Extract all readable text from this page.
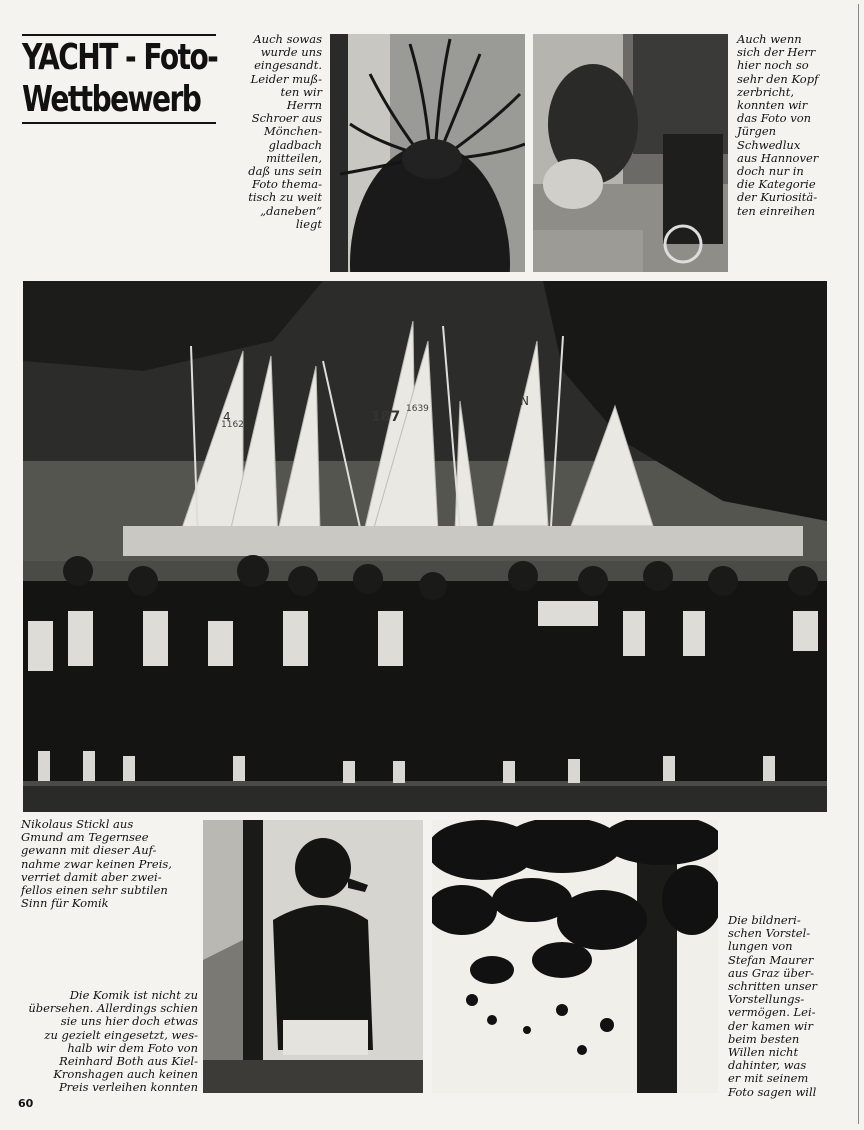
YACHT - Foto-
Wettbewerb

Auch sowas
wurde uns
eingesandt.
Leider muß-
ten wir
Herrn
Schroer aus
Mönchen-
gladbach
mitteilen,
daß uns sein
Foto thema-
tisch zu weit
„daneben“
liegt

Auch wenn
sich der Herr
hier noch so
sehr den Kopf
zerbricht,
konnten wir
das Foto von
Jürgen
Schwedlux
aus Hannover
doch nur in
die Kategorie
der Kuriositä-
ten einreihen

4
1162	187 1639
N

Nikolaus Stickl aus
Gmund am Tegernsee
gewann mit dieser Auf-
nahme zwar keinen Preis,
verriet damit aber zwei-
fellos einen sehr subtilen
Sinn für Komik

Die Komik ist nicht zu
übersehen. Allerdings schien
sie uns hier doch etwas
zu gezielt eingesetzt, wes-
halb wir dem Foto von
Reinhard Both aus Kiel-
Kronshagen auch keinen
Preis verleihen konnten

Die bildneri-
schen Vorstel-
lungen von
Stefan Maurer
aus Graz über-
schritten unser
Vorstellungs-
vermögen. Lei-
der kamen wir
beim besten
Willen nicht
dahinter, was
er mit seinem
Foto sagen will

60
